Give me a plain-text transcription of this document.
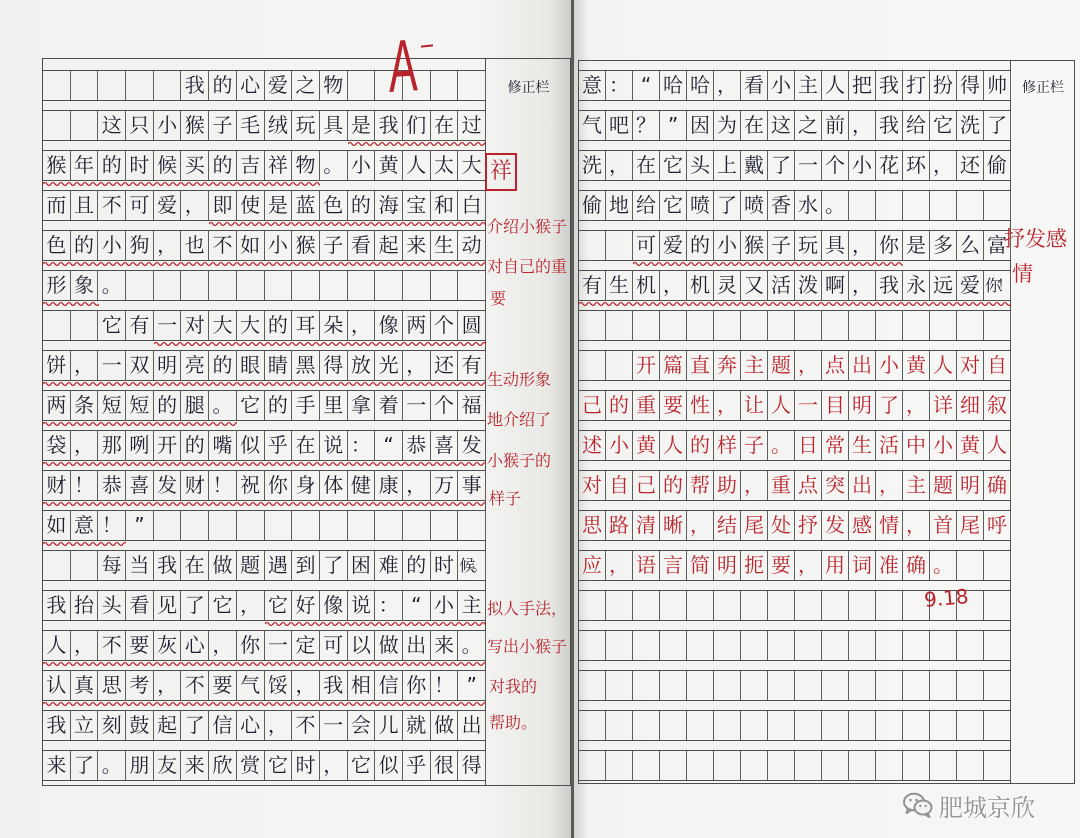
修正栏
我 的 心 爱 之 物
这 只 小 猴 子 毛 绒 玩 具 是 我 们 在 过
猴 年 的 时 候 买 的 吉 祥 物 。 小 黄 人 太 大
而 且 不 可 爱 ， 即 使 是 蓝 色 的 海 宝 和 白
色 的 小 狗 ， 也 不 如 小 猴 子 看 起 来 生 动
形 象 。
它 有 一 对 大 大 的 耳 朵 ， 像 两 个 圆
饼 ， 一 双 明 亮 的 眼 睛 黑 得 放 光 ， 还 有
两 条 短 短 的 腿 。 它 的 手 里 拿 着 一 个 福
袋 ， 那 咧 开 的 嘴 似 乎 在 说 ： “ 恭 喜 发
财 ！ 恭 喜 发 财 ！ 祝 你 身 体 健 康 ， 万 事
如 意 ！ ”
每 当 我 在 做 题 遇 到 了 困 难 的 时 候。
我 抬 头 看 见 了 它 ， 它 好 像 说 ： “ 小 主
人 ， 不 要 灰 心 ， 你 一 定 可 以 做 出 来 。
认 真 思 考 ， 不 要 气 馁 ， 我 相 信 你 ！ ”
我 立 刻 鼓 起 了 信 心 ， 不 一 会 儿 就 做 出
来 了 。 朋 友 来 欣 赏 它 时 ， 它 似 乎 很 得
A
祥
介绍小猴子
对自己的重
要
生动形象
地介绍了
小猴子的
样子
拟人手法，
写出小猴子
对我的
帮助。
修正栏
意 ： “ 哈 哈 ， 看 小 主 人 把 我 打 扮 得 帅
气 吧 ？ ” 因 为 在 这 之 前 ， 我 给 它 洗 了
洗 ， 在 它 头 上 戴 了 一 个 小 花 环 ， 还 偷
偷 地 给 它 喷 了 喷 香 水 。
可 爱 的 小 猴 子 玩 具 ， 你 是 多 么 富
有 生 机 ， 机 灵 又 活 泼 啊 ， 我 永 远 爱 你！
开 篇 直 奔 主 题 ， 点 出 小 黄 人 对 自
己 的 重 要 性 ， 让 人 一 目 明 了 ， 详 细 叙
述 小 黄 人 的 样 子 。 日 常 生 活 中 小 黄 人
对 自 己 的 帮 助 ， 重 点 突 出 ， 主 题 明 确
思 路 清 晰 ， 结 尾 处 抒 发 感 情 ， 首 尾 呼
应 ， 语 言 简 明 扼 要 ， 用 词 准 确 。
抒发感
情
9.18
肥城京欣
